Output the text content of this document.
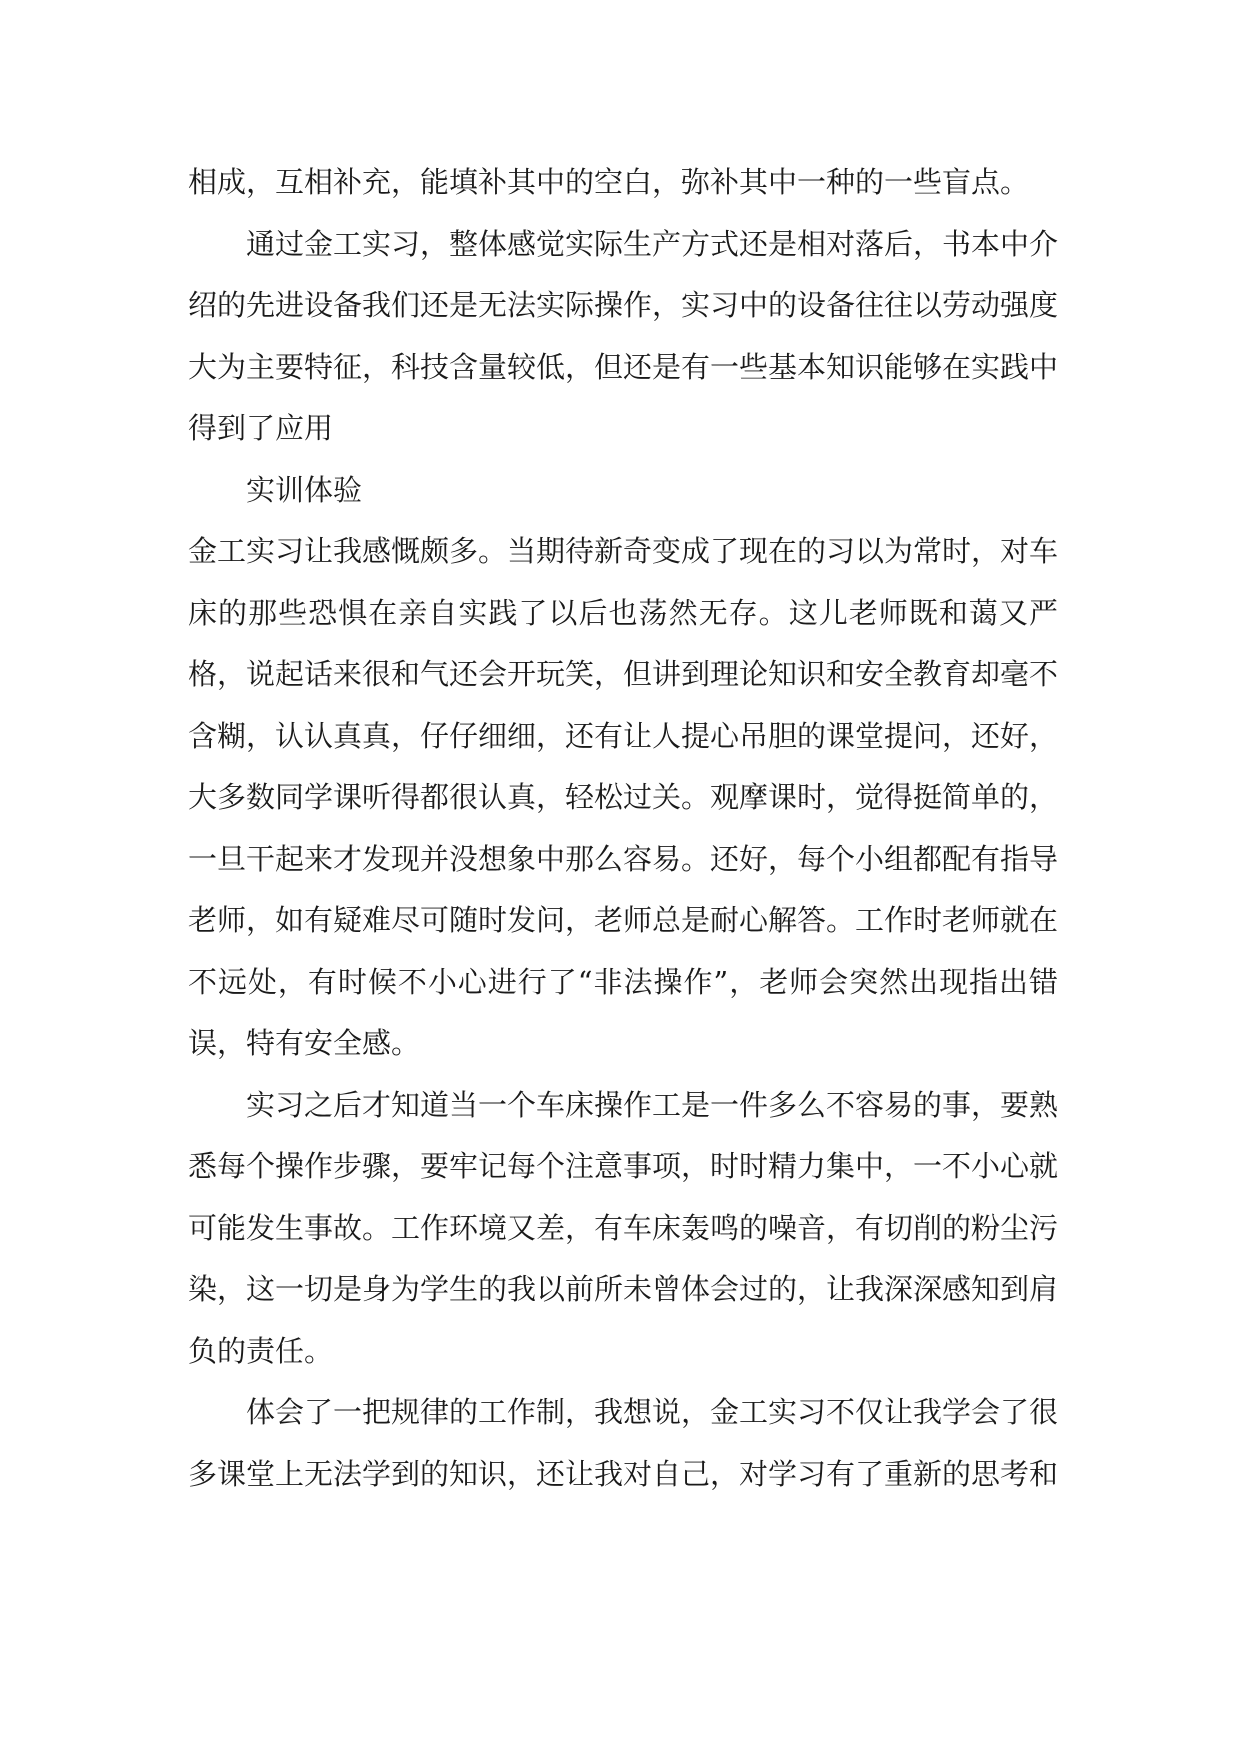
相成，互相补充，能填补其中的空白，弥补其中一种的一些盲点。

通过金工实习，整体感觉实际生产方式还是相对落后，书本中介绍的先进设备我们还是无法实际操作，实习中的设备往往以劳动强度大为主要特征，科技含量较低，但还是有一些基本知识能够在实践中得到了应用

实训体验

金工实习让我感慨颇多。当期待新奇变成了现在的习以为常时，对车床的那些恐惧在亲自实践了以后也荡然无存。这儿老师既和蔼又严格，说起话来很和气还会开玩笑，但讲到理论知识和安全教育却毫不含糊，认认真真，仔仔细细，还有让人提心吊胆的课堂提问，还好，大多数同学课听得都很认真，轻松过关。观摩课时，觉得挺简单的，一旦干起来才发现并没想象中那么容易。还好，每个小组都配有指导老师，如有疑难尽可随时发问，老师总是耐心解答。工作时老师就在不远处，有时候不小心进行了“非法操作”，老师会突然出现指出错误，特有安全感。

实习之后才知道当一个车床操作工是一件多么不容易的事，要熟悉每个操作步骤，要牢记每个注意事项，时时精力集中，一不小心就可能发生事故。工作环境又差，有车床轰鸣的噪音，有切削的粉尘污染，这一切是身为学生的我以前所未曾体会过的，让我深深感知到肩负的责任。

体会了一把规律的工作制，我想说，金工实习不仅让我学会了很多课堂上无法学到的知识，还让我对自己，对学习有了重新的思考和
